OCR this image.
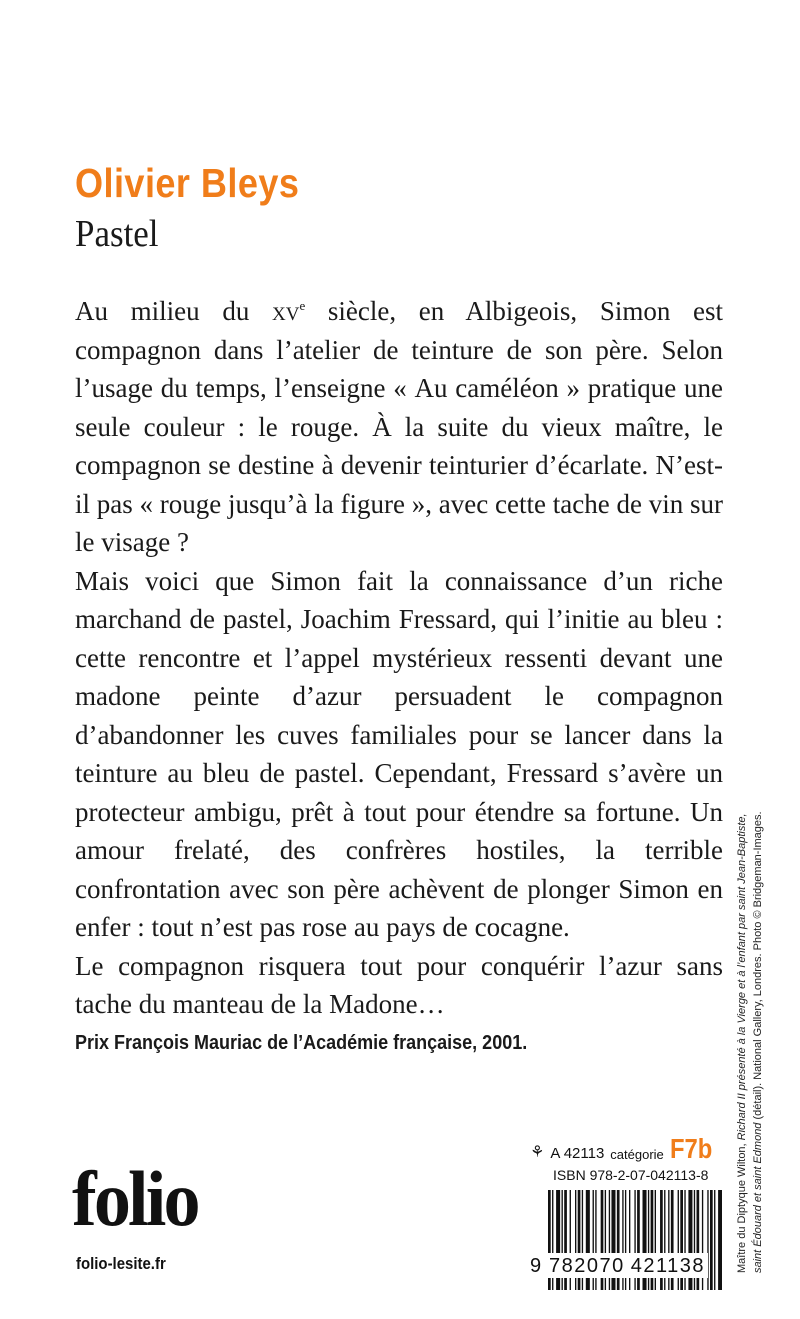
Olivier Bleys
Pastel

Au milieu du $xv^e$ siècle, en Albigeois, Simon est compagnon dans l’atelier de teinture de son père. Selon l’usage du temps, l’enseigne « Au caméléon » pratique une seule couleur : le rouge. À la suite du vieux maître, le compagnon se destine à devenir teinturier d’écarlate. N’est-il pas « rouge jusqu’à la figure », avec cette tache de vin sur le visage ?

Mais voici que Simon fait la connaissance d’un riche marchand de pastel, Joachim Fressard, qui l’initie au bleu : cette rencontre et l’appel mystérieux ressenti devant une madone peinte d’azur persuadent le compagnon d’abandonner les cuves familiales pour se lancer dans la teinture au bleu de pastel. Cependant, Fressard s’avère un protecteur ambigu, prêt à tout pour étendre sa fortune. Un amour frelaté, des confrères hostiles, la terrible confrontation avec son père achèvent de plonger Simon en enfer : tout n’est pas rose au pays de cocagne.

Le compagnon risquera tout pour conquérir l’azur sans tache du manteau de la Madone…

Prix François Mauriac de l’Académie française, 2001.
Maître du Diptyque Wilton, Richard II présenté à la Vierge et à l’enfant par saint Jean-Baptiste,
saint Édouard et saint Edmond (détail). National Gallery, Londres. Photo © Bridgeman-Images.
folio
folio-lesite.fr
⚘ A 42113 catégorie F7b
ISBN 978-2-07-042113-8
9 782070 421138
